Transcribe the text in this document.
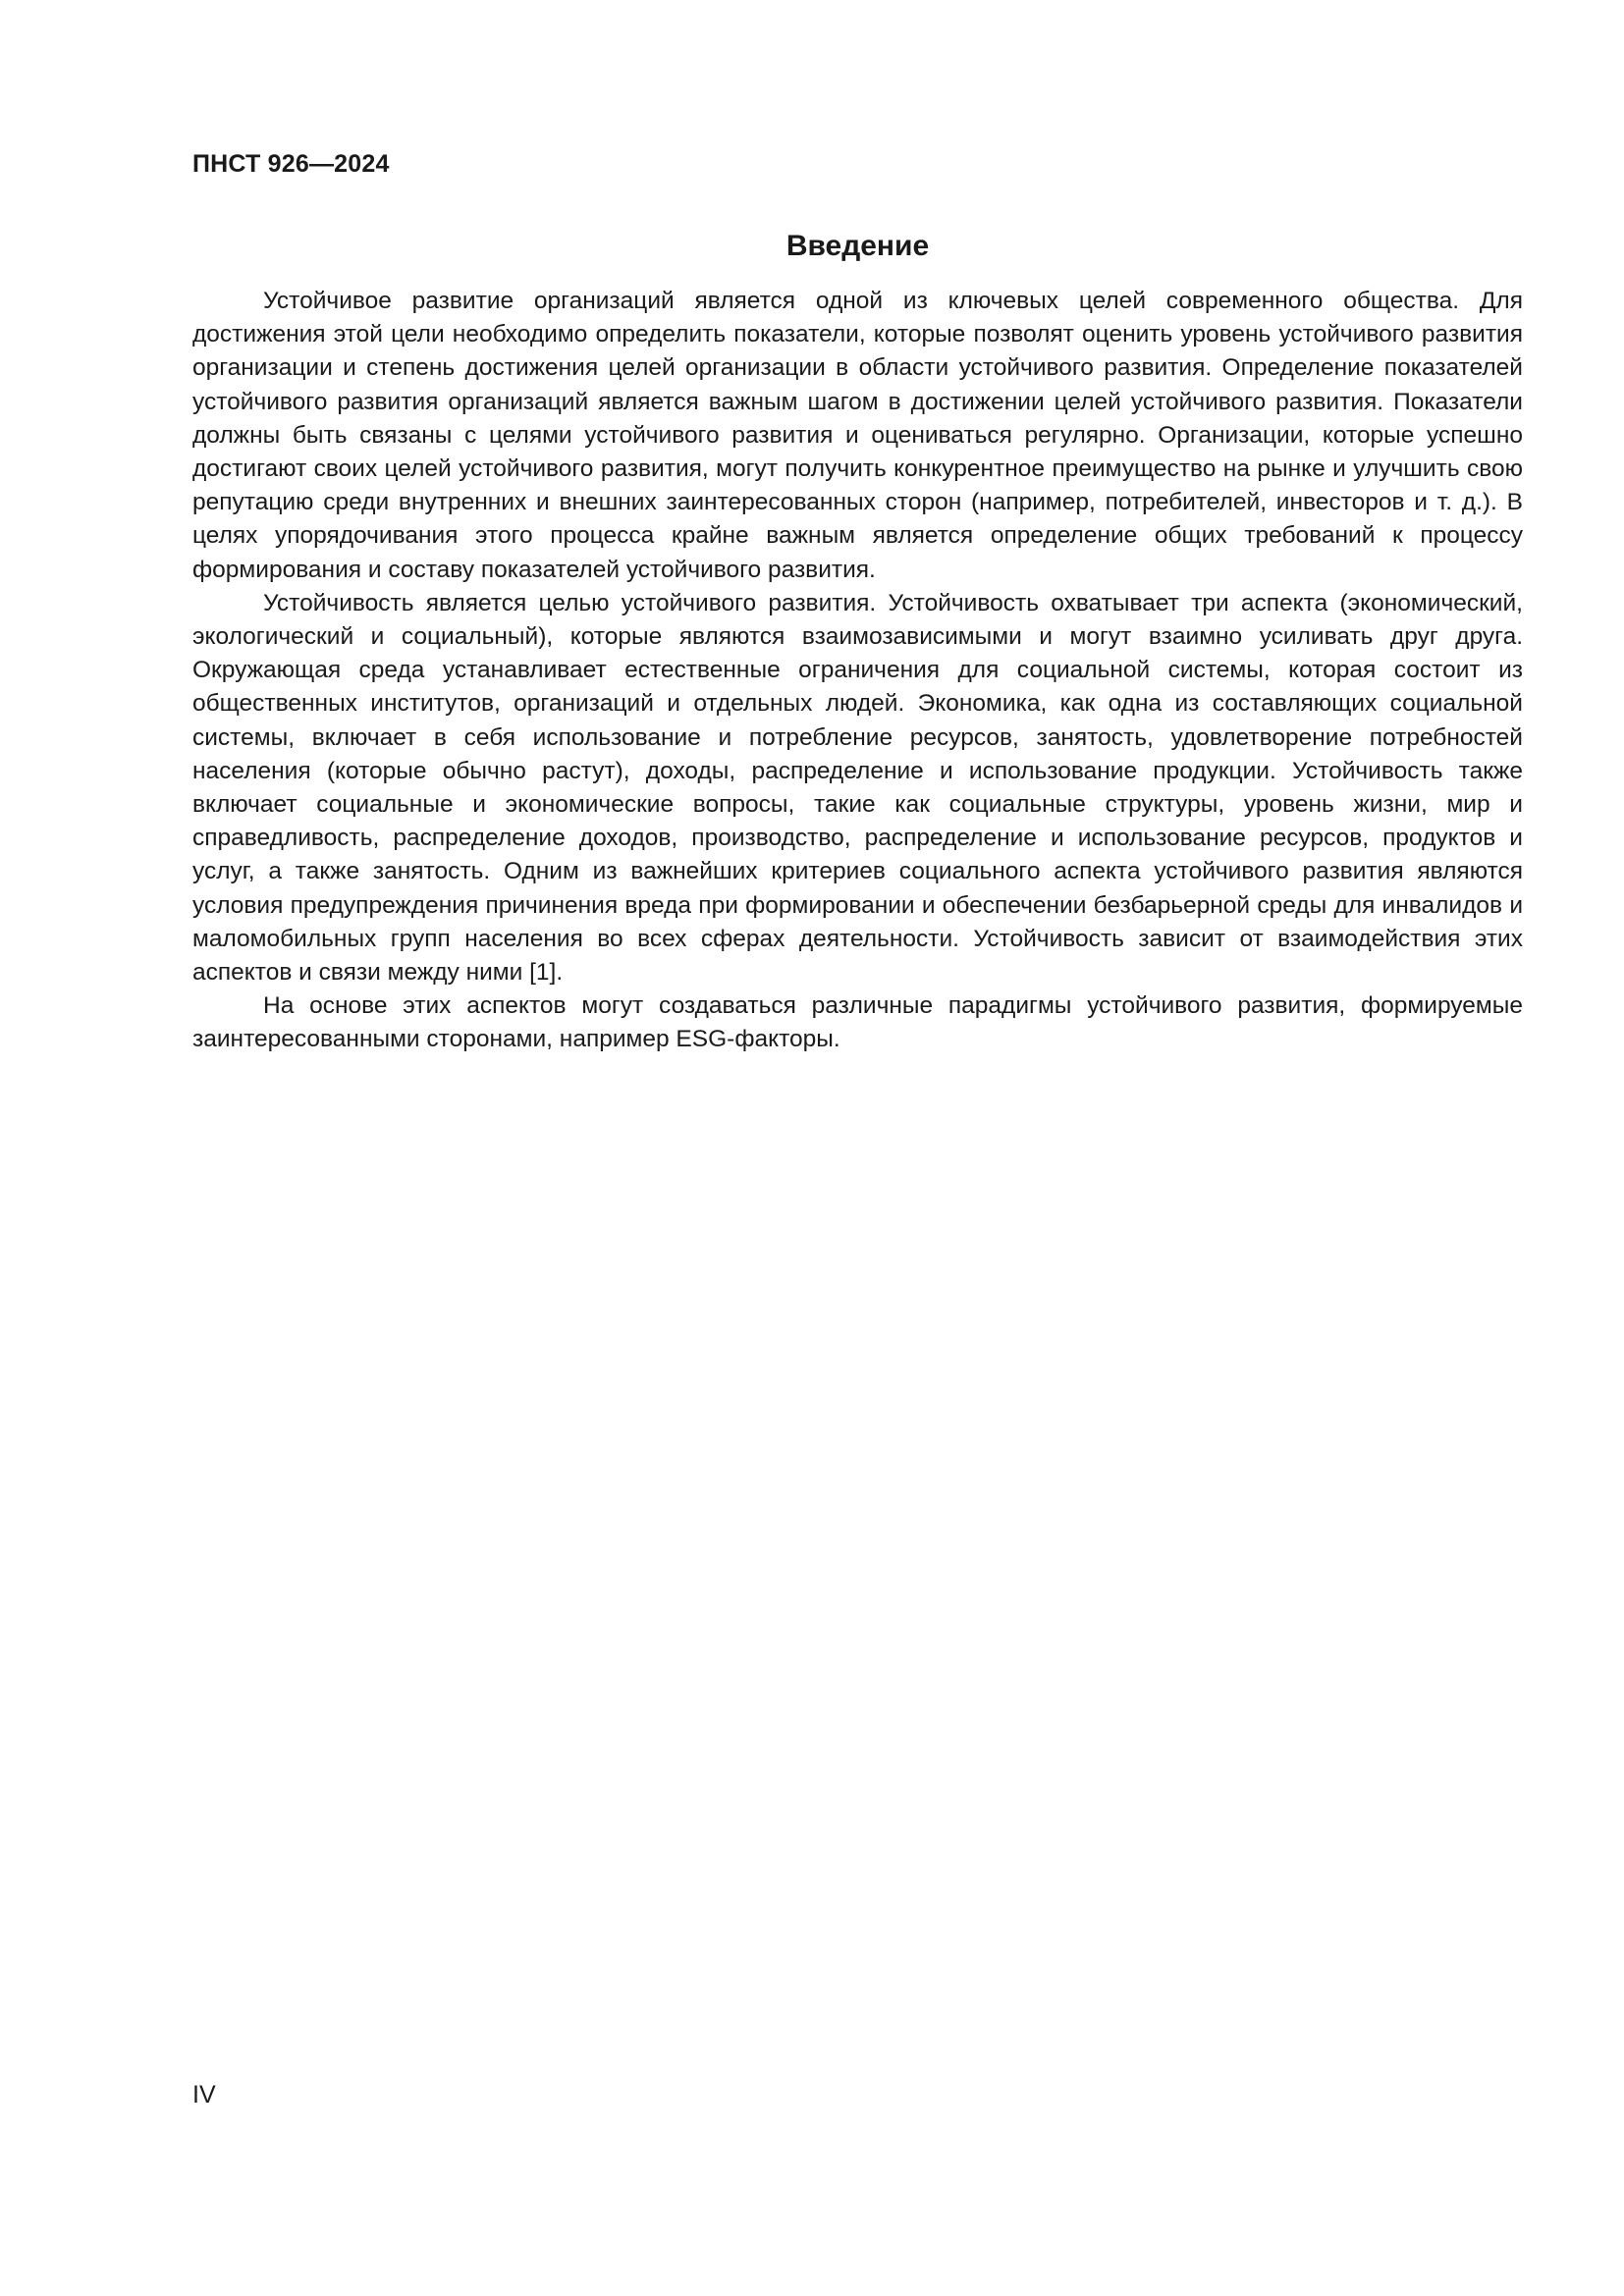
ПНСТ 926—2024
Введение

Устойчивое развитие организаций является одной из ключевых целей современного общества. Для достижения этой цели необходимо определить показатели, которые позволят оценить уровень устойчивого развития организации и степень достижения целей организации в области устойчивого развития. Определение показателей устойчивого развития организаций является важным шагом в достижении целей устойчивого развития. Показатели должны быть связаны с целями устойчивого развития и оцениваться регулярно. Организации, которые успешно достигают своих целей устойчивого развития, могут получить конкурентное преимущество на рынке и улучшить свою репутацию среди внутренних и внешних заинтересованных сторон (например, потребителей, инвесторов и т. д.). В целях упорядочивания этого процесса крайне важным является определение общих требований к процессу формирования и составу показателей устойчивого развития.

Устойчивость является целью устойчивого развития. Устойчивость охватывает три аспекта (экономический, экологический и социальный), которые являются взаимозависимыми и могут взаимно усиливать друг друга. Окружающая среда устанавливает естественные ограничения для социальной системы, которая состоит из общественных институтов, организаций и отдельных людей. Экономика, как одна из составляющих социальной системы, включает в себя использование и потребление ресурсов, занятость, удовлетворение потребностей населения (которые обычно растут), доходы, распределение и использование продукции. Устойчивость также включает социальные и экономические вопросы, такие как социальные структуры, уровень жизни, мир и справедливость, распределение доходов, производство, распределение и использование ресурсов, продуктов и услуг, а также занятость. Одним из важнейших критериев социального аспекта устойчивого развития являются условия предупреждения причинения вреда при формировании и обеспечении безбарьерной среды для инвалидов и маломобильных групп населения во всех сферах деятельности. Устойчивость зависит от взаимодействия этих аспектов и связи между ними [1].

На основе этих аспектов могут создаваться различные парадигмы устойчивого развития, формируемые заинтересованными сторонами, например ESG-факторы.

IV
